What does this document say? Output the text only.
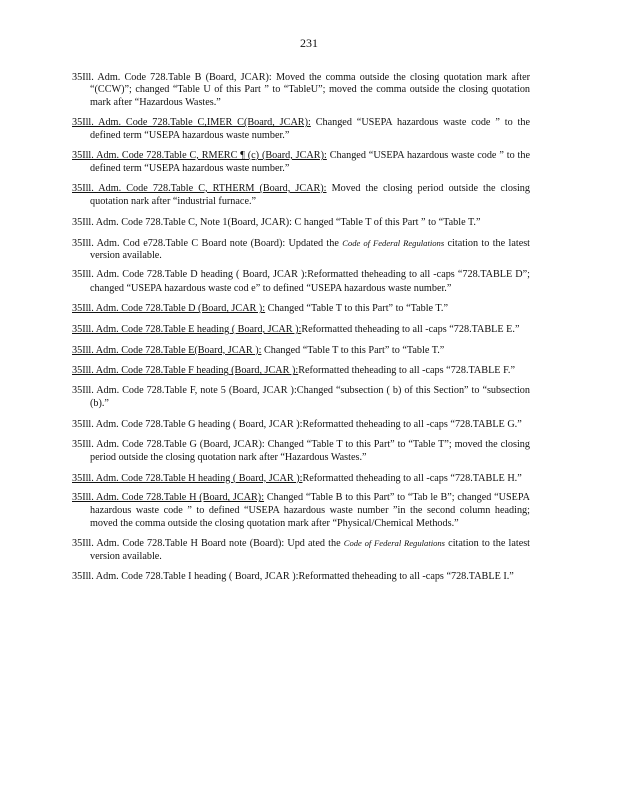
231

35Ill. Adm. Code 728.Table B (Board, JCAR): Moved the comma outside the closing quotation mark after “(CCW)”; changed “Table U of this Part ” to “TableU”; moved the comma outside the closing quotation mark after “Hazardous Wastes.”

35Ill. Adm. Code 728.Table C,IMER C(Board, JCAR): Changed “USEPA hazardous waste code ” to the defined term “USEPA hazardous waste number.”

35Ill. Adm. Code 728.Table C, RMERC ¶ (c) (Board, JCAR): Changed “USEPA hazardous waste code ” to the defined term “USEPA hazardous waste number.”

35Ill. Adm. Code 728.Table C, RTHERM (Board, JCAR): Moved the closing period outside the closing quotation nark after “industrial furnace.”

35Ill. Adm. Code 728.Table C, Note 1(Board, JCAR): C hanged “Table T of this Part ” to “Table T.”

35Ill. Adm. Cod e728.Table C Board note (Board): Updated the Code of Federal Regulations citation to the latest version available.

35Ill. Adm. Code 728.Table D heading ( Board, JCAR ):Reformatted theheading to all -caps “728.TABLE D”; changed “USEPA hazardous waste cod e” to defined “USEPA hazardous waste number.”

35Ill. Adm. Code 728.Table D (Board, JCAR ): Changed “Table T to this Part” to “Table T.”

35Ill. Adm. Code 728.Table E heading ( Board, JCAR ):Reformatted theheading to all -caps “728.TABLE E.”

35Ill. Adm. Code 728.Table E(Board, JCAR ): Changed “Table T to this Part” to “Table T.”

35Ill. Adm. Code 728.Table F heading (Board, JCAR ):Reformatted theheading to all -caps “728.TABLE F.”

35Ill. Adm. Code 728.Table F, note 5 (Board, JCAR ):Changed “subsection ( b) of this Section” to “subsection (b).”

35Ill. Adm. Code 728.Table G heading ( Board, JCAR ):Reformatted theheading to all -caps “728.TABLE G.”

35Ill. Adm. Code 728.Table G (Board, JCAR): Changed “Table T to this Part” to “Table T”; moved the closing period outside the closing quotation nark after “Hazardous Wastes.”

35Ill. Adm. Code 728.Table H heading ( Board, JCAR ):Reformatted theheading to all -caps “728.TABLE H.”

35Ill. Adm. Code 728.Table H (Board, JCAR): Changed “Table B to this Part” to “Tab le B”; changed “USEPA hazardous waste code ” to defined “USEPA hazardous waste number ”in the second column heading; moved the comma outside the closing quotation mark after “Physical/Chemical Methods.”

35Ill. Adm. Code 728.Table H Board note (Board): Upd ated the Code of Federal Regulations citation to the latest version available.

35Ill. Adm. Code 728.Table I heading ( Board, JCAR ):Reformatted theheading to all -caps “728.TABLE I.”
